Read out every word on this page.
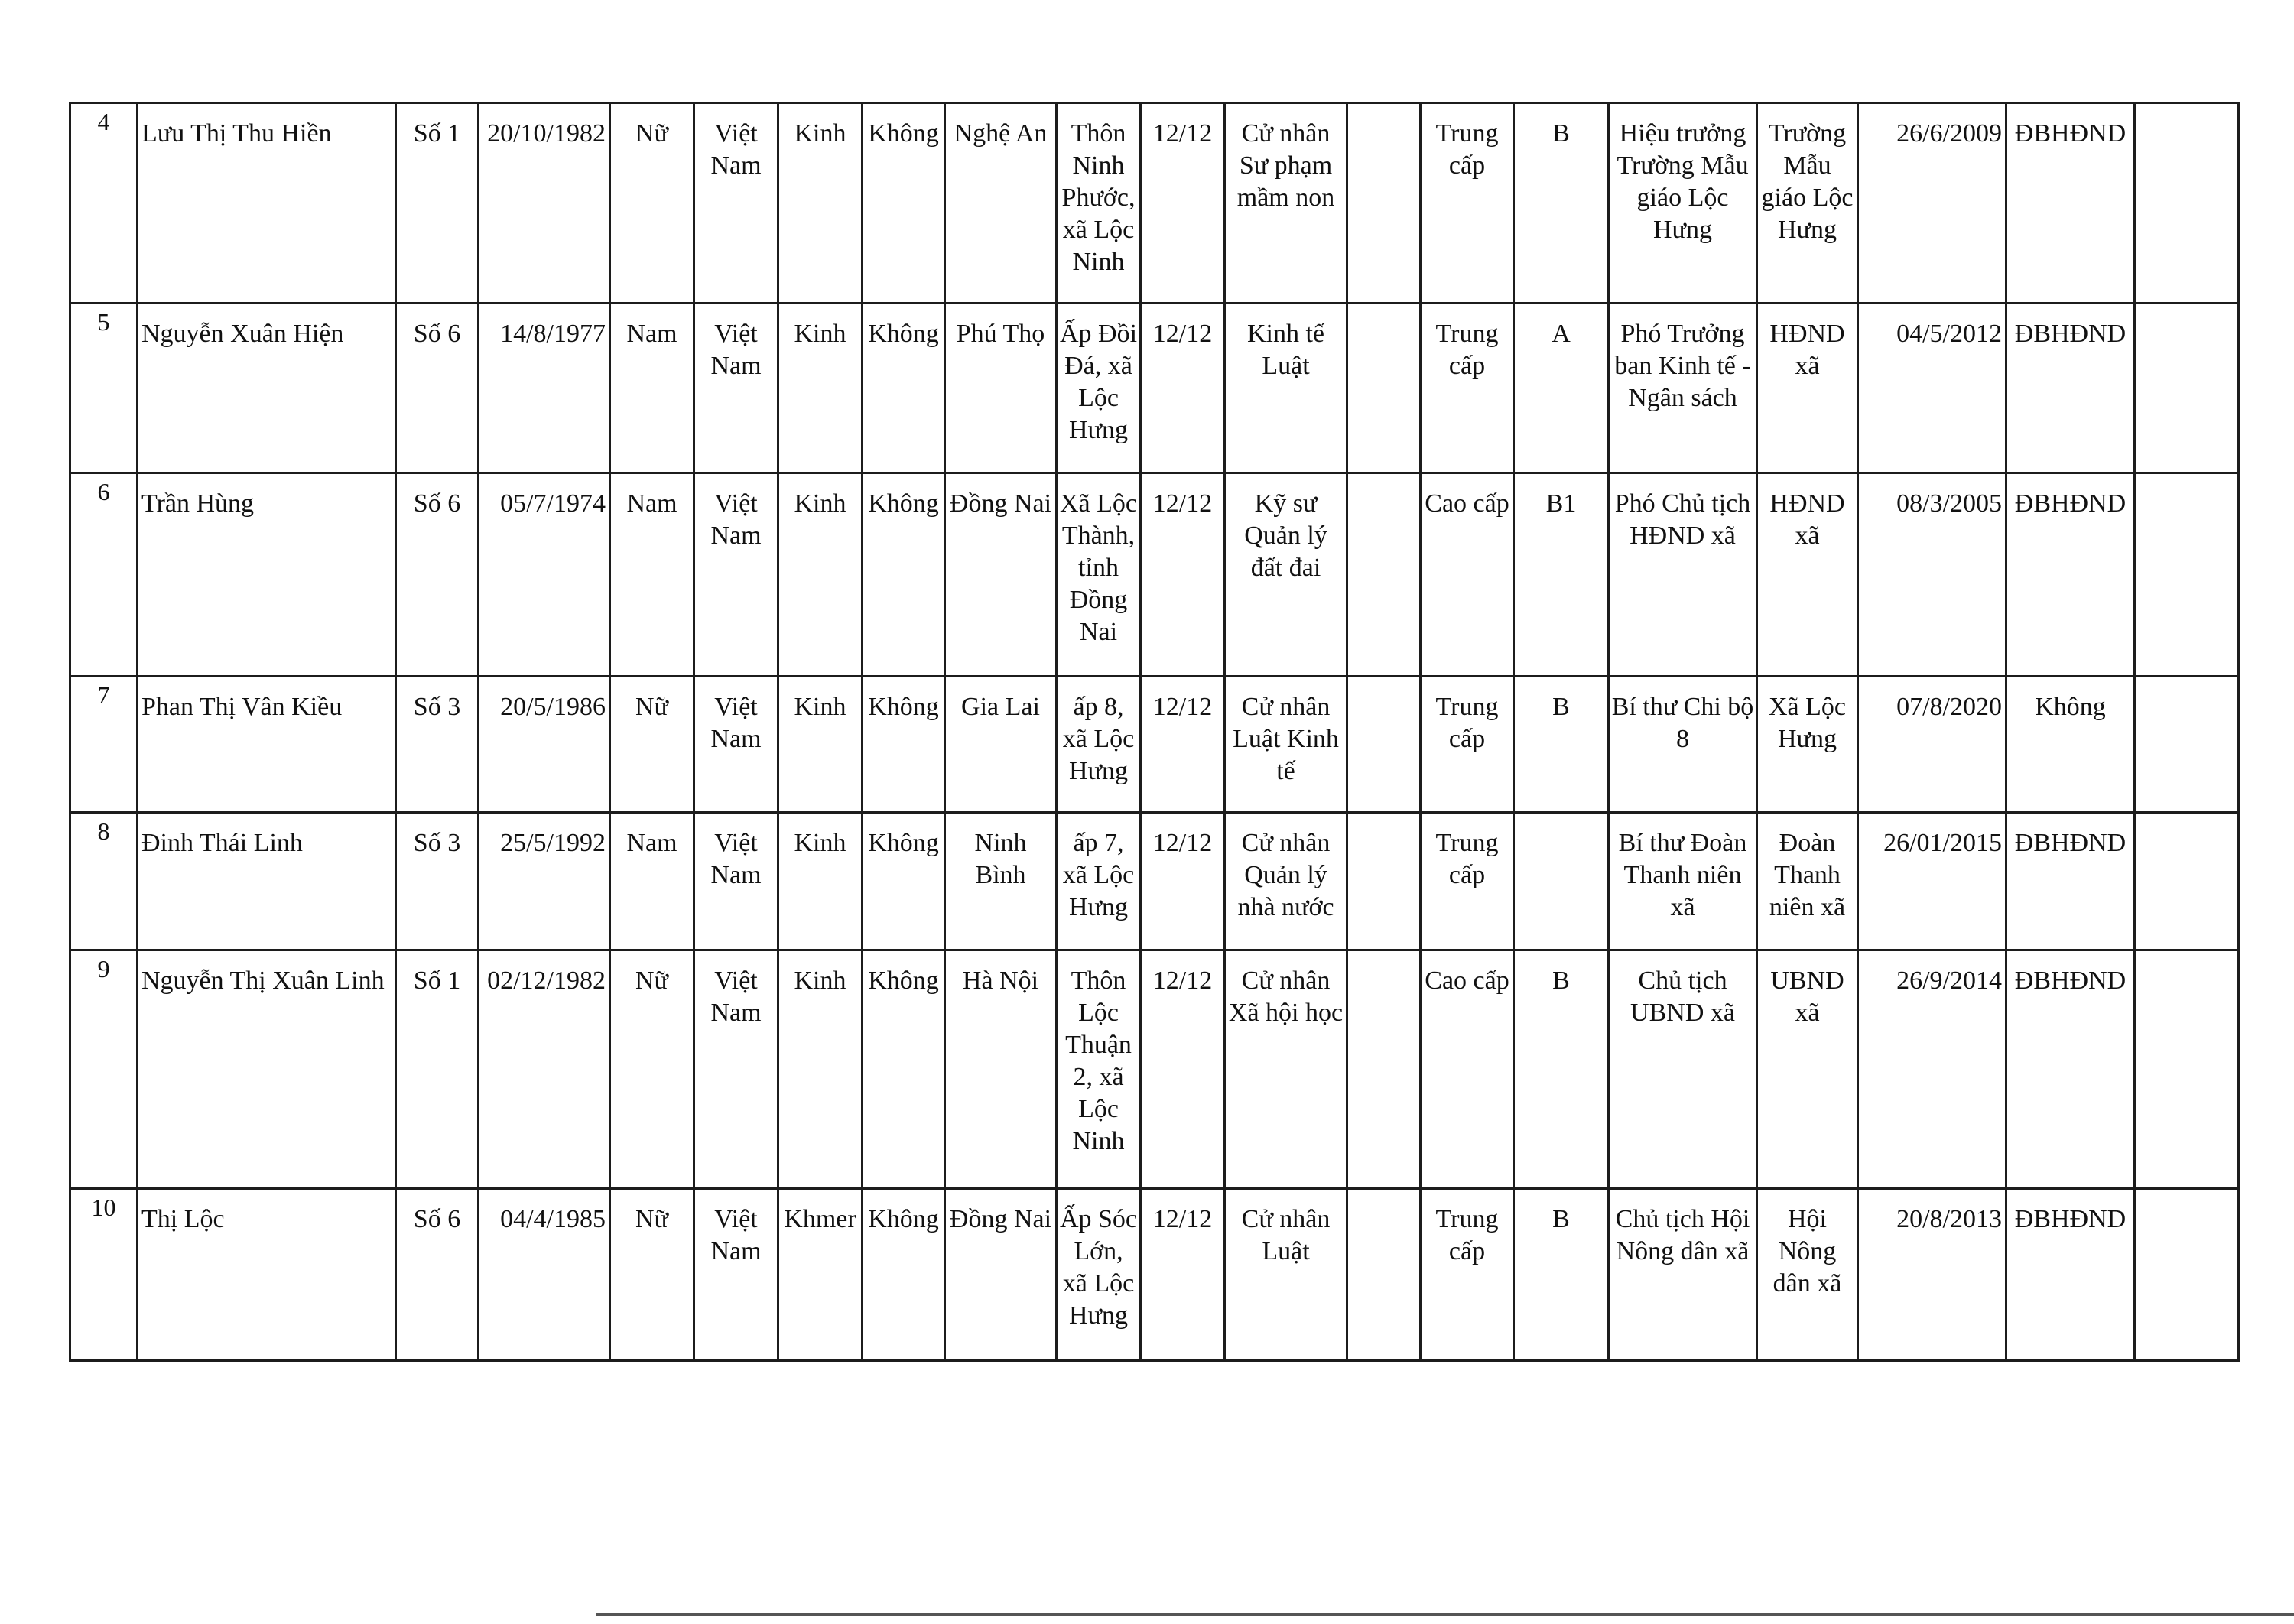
4	Lưu Thị Thu Hiền	Số 1	20/10/1982	Nữ	Việt Nam	Kinh	Không	Nghệ An	Thôn Ninh Phước, xã Lộc Ninh	12/12	Cử nhân Sư phạm mầm non		Trung cấp	B	Hiệu trưởng Trường Mẫu giáo Lộc Hưng	Trường Mẫu giáo Lộc Hưng	26/6/2009	ĐBHĐND	
5	Nguyễn Xuân Hiện	Số 6	14/8/1977	Nam	Việt Nam	Kinh	Không	Phú Thọ	Ấp Đồi Đá, xã Lộc Hưng	12/12	Kinh tế Luật		Trung cấp	A	Phó Trưởng ban Kinh tế - Ngân sách	HĐND xã	04/5/2012	ĐBHĐND	
6	Trần Hùng	Số 6	05/7/1974	Nam	Việt Nam	Kinh	Không	Đồng Nai	Xã Lộc Thành, tỉnh Đồng Nai	12/12	Kỹ sư Quản lý đất đai		Cao cấp	B1	Phó Chủ tịch HĐND xã	HĐND xã	08/3/2005	ĐBHĐND	
7	Phan Thị Vân Kiều	Số 3	20/5/1986	Nữ	Việt Nam	Kinh	Không	Gia Lai	ấp 8, xã Lộc Hưng	12/12	Cử nhân Luật Kinh tế		Trung cấp	B	Bí thư Chi bộ 8	Xã Lộc Hưng	07/8/2020	Không	
8	Đinh Thái Linh	Số 3	25/5/1992	Nam	Việt Nam	Kinh	Không	Ninh Bình	ấp 7, xã Lộc Hưng	12/12	Cử nhân Quản lý nhà nước		Trung cấp		Bí thư Đoàn Thanh niên xã	Đoàn Thanh niên xã	26/01/2015	ĐBHĐND	
9	Nguyễn Thị Xuân Linh	Số 1	02/12/1982	Nữ	Việt Nam	Kinh	Không	Hà Nội	Thôn Lộc Thuận 2, xã Lộc Ninh	12/12	Cử nhân Xã hội học		Cao cấp	B	Chủ tịch UBND xã	UBND xã	26/9/2014	ĐBHĐND	
10	Thị Lộc	Số 6	04/4/1985	Nữ	Việt Nam	Khmer	Không	Đồng Nai	Ấp Sóc Lớn, xã Lộc Hưng	12/12	Cử nhân Luật		Trung cấp	B	Chủ tịch Hội Nông dân xã	Hội Nông dân xã	20/8/2013	ĐBHĐND	
